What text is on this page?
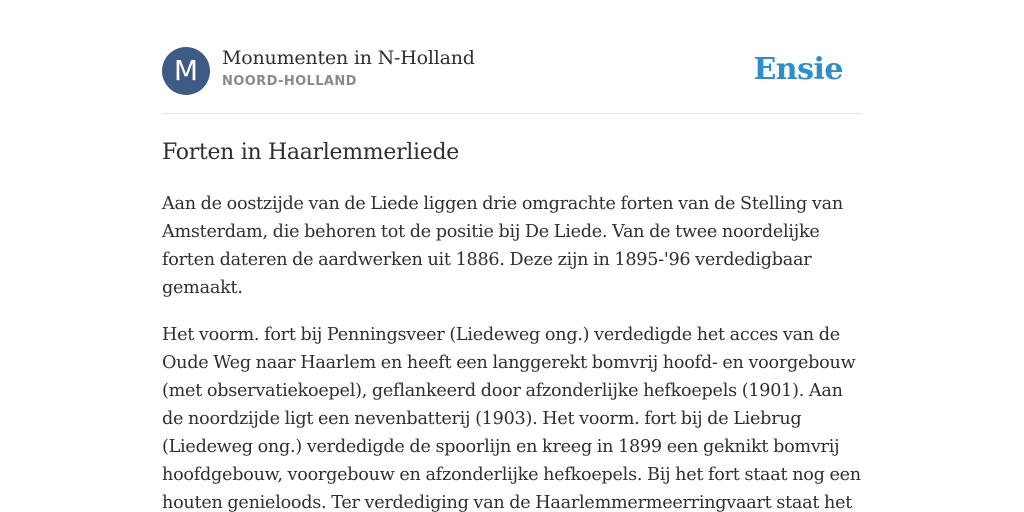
M	Monumenten in N-Holland
NOORD-HOLLAND	Ensie
Forten in Haarlemmerliede

Aan de oostzijde van de Liede liggen drie omgrachte forten van de Stelling van Amsterdam, die behoren tot de positie bij De Liede. Van de twee noordelijke forten dateren de aardwerken uit 1886. Deze zijn in 1895-'96 verdedigbaar gemaakt.

Het voorm. fort bij Penningsveer (Liedeweg ong.) verdedigde het acces van de Oude Weg naar Haarlem en heeft een langgerekt bomvrij hoofd- en voorgebouw (met observatiekoepel), geflankeerd door afzonderlijke hefkoepels (1901). Aan de noordzijde ligt een nevenbatterij (1903). Het voorm. fort bij de Liebrug (Liedeweg ong.) verdedigde de spoorlijn en kreeg in 1899 een geknikt bomvrij hoofdgebouw, voorgebouw en afzonderlijke hefkoepels. Bij het fort staat nog een houten genieloods. Ter verdediging van de Haarlemmermeerringvaart staat het
